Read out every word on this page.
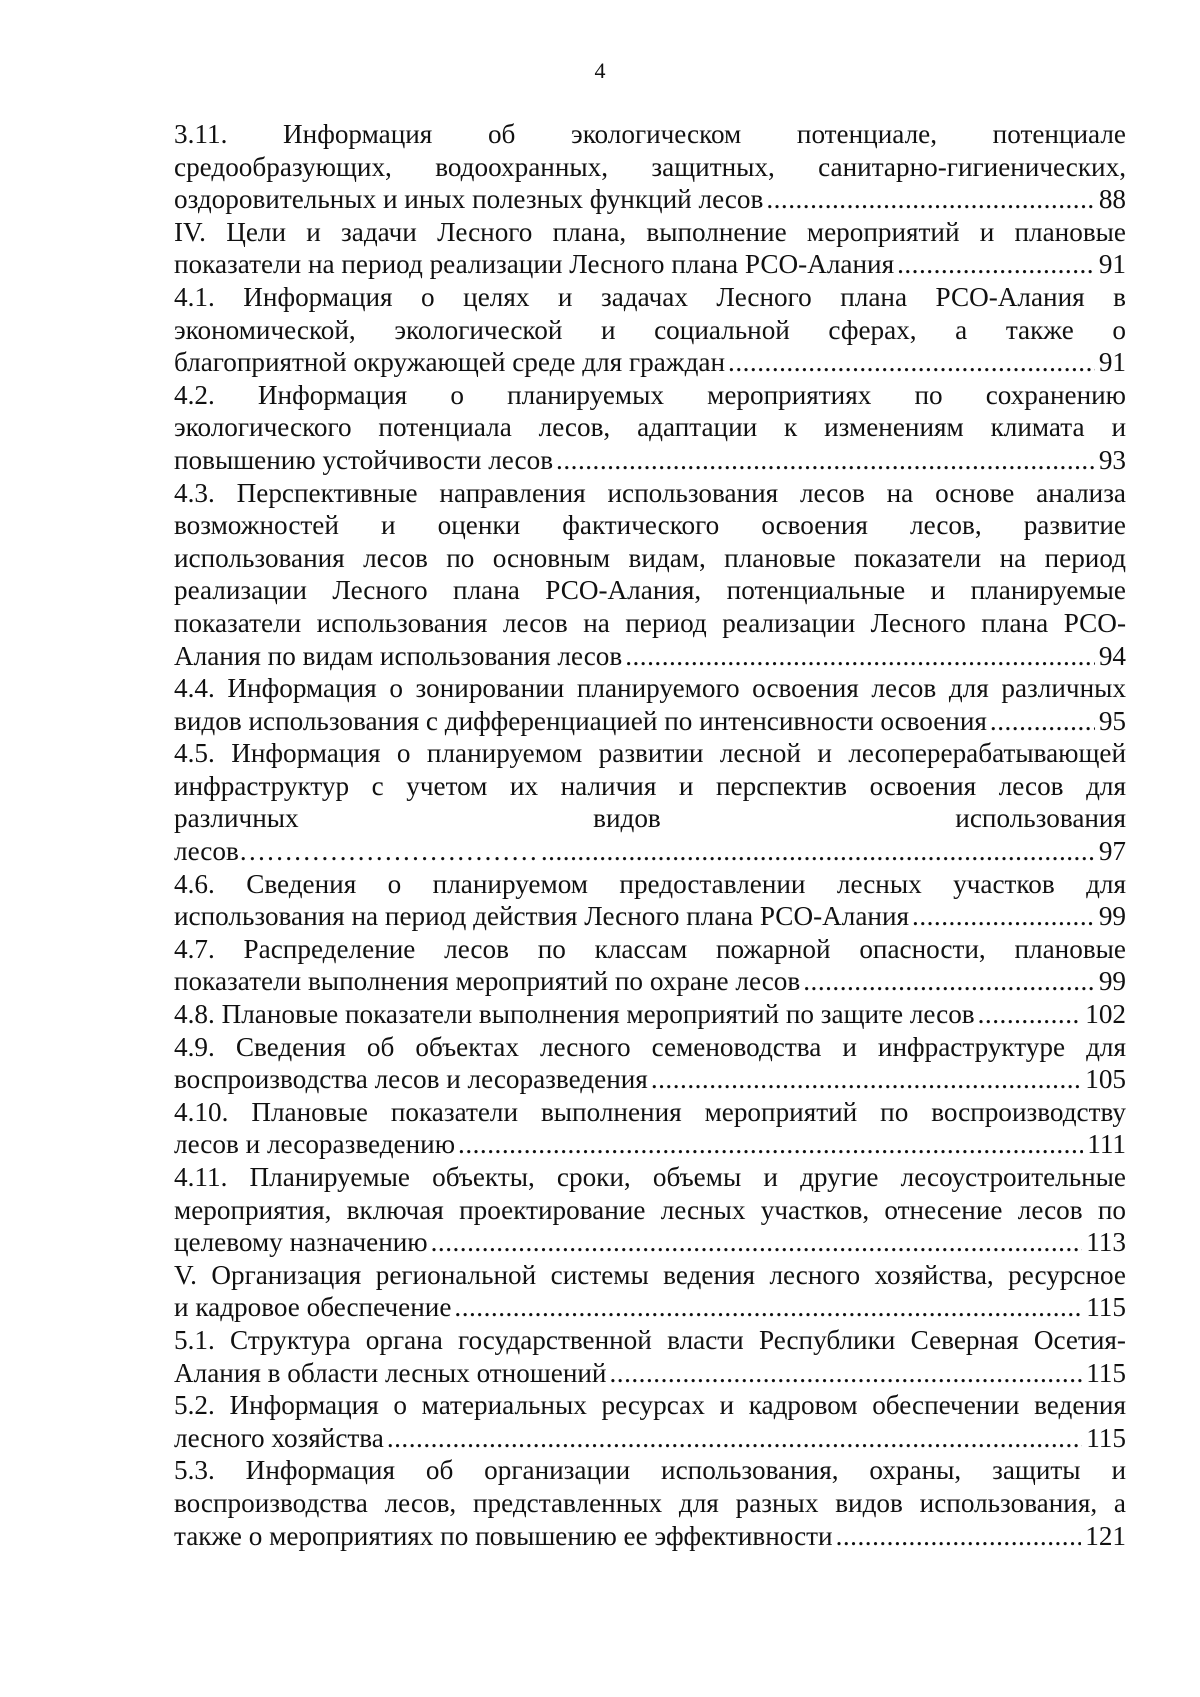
4
3.11. Информация об экологическом потенциале, потенциале
средообразующих, водоохранных, защитных, санитарно-гигиенических,
оздоровительных и иных полезных функций лесов .....	88
IV. Цели и задачи Лесного плана, выполнение мероприятий и плановые
показатели на период реализации Лесного плана РСО-Алания .....	91
4.1. Информация о целях и задачах Лесного плана РСО-Алания в
экономической, экологической и социальной сферах, а также о
благоприятной окружающей среде для граждан .....	91
4.2. Информация о планируемых мероприятиях по сохранению
экологического потенциала лесов, адаптации к изменениям климата и
повышению устойчивости лесов .....	93
4.3. Перспективные направления использования лесов на основе анализа
возможностей и оценки фактического освоения лесов, развитие
использования лесов по основным видам, плановые показатели на период
реализации Лесного плана РСО-Алания, потенциальные и планируемые
показатели использования лесов на период реализации Лесного плана РСО-
Алания по видам использования лесов .....	94
4.4. Информация о зонировании планируемого освоения лесов для различных
видов использования с дифференциацией по интенсивности освоения .....	95
4.5. Информация о планируемом развитии лесной и лесоперерабатывающей
инфраструктур с учетом их наличия и перспектив освоения лесов для
различных видов использования
лесов…………………………… .....	97
4.6. Сведения о планируемом предоставлении лесных участков для
использования на период действия Лесного плана РСО-Алания .....	99
4.7. Распределение лесов по классам пожарной опасности, плановые
показатели выполнения мероприятий по охране лесов .....	99
4.8. Плановые показатели выполнения мероприятий по защите лесов .....	102
4.9. Сведения об объектах лесного семеноводства и инфраструктуре для
воспроизводства лесов и лесоразведения .....	105
4.10. Плановые показатели выполнения мероприятий по воспроизводству
лесов и лесоразведению .....	111
4.11. Планируемые объекты, сроки, объемы и другие лесоустроительные
мероприятия, включая проектирование лесных участков, отнесение лесов по
целевому назначению .....	113
V. Организация региональной системы ведения лесного хозяйства, ресурсное
и кадровое обеспечение .....	115
5.1. Структура органа государственной власти Республики Северная Осетия-
Алания в области лесных отношений .....	115
5.2. Информация о материальных ресурсах и кадровом обеспечении ведения
лесного хозяйства .....	115
5.3. Информация об организации использования, охраны, защиты и
воспроизводства лесов, представленных для разных видов использования, а
также о мероприятиях по повышению ее эффективности .....	121
